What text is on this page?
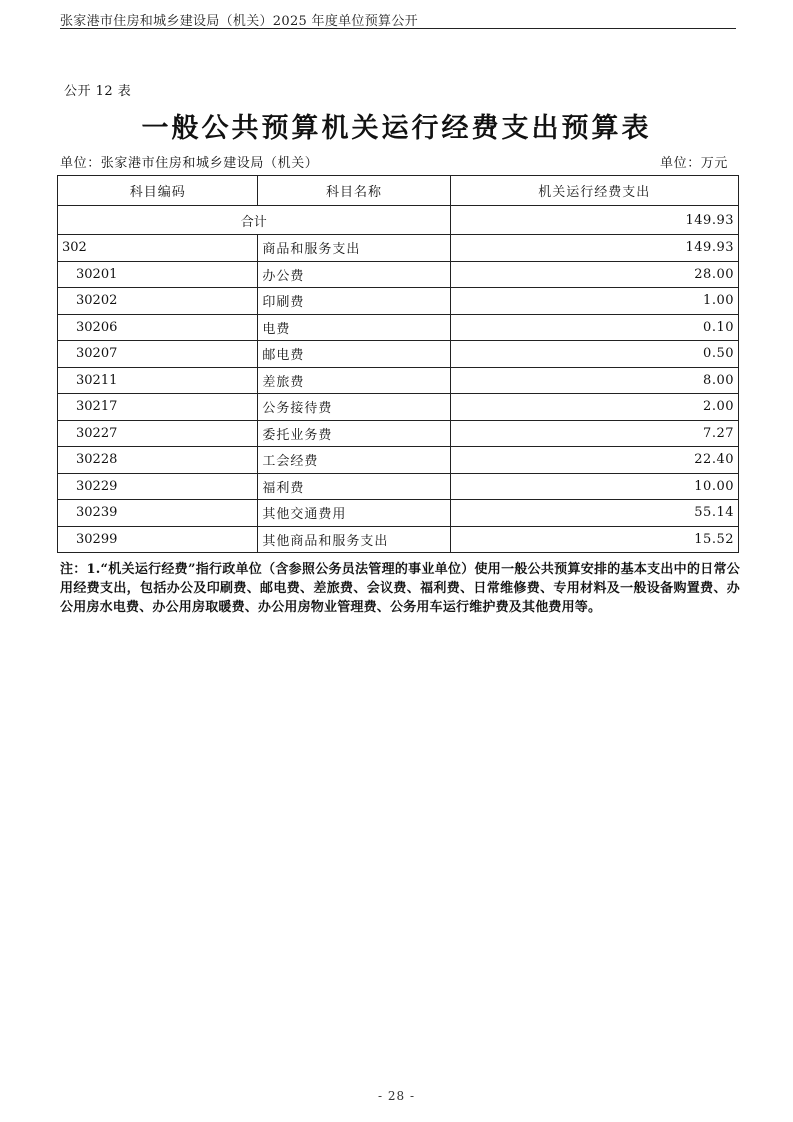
张家港市住房和城乡建设局（机关）2025 年度单位预算公开
公开 12 表
一般公共预算机关运行经费支出预算表
单位：张家港市住房和城乡建设局（机关）	单位：万元
科目编码	科目名称	机关运行经费支出
合计		149.93
302	商品和服务支出	149.93
30201	办公费	28.00
30202	印刷费	1.00
30206	电费	0.10
30207	邮电费	0.50
30211	差旅费	8.00
30217	公务接待费	2.00
30227	委托业务费	7.27
30228	工会经费	22.40
30229	福利费	10.00
30239	其他交通费用	55.14
30299	其他商品和服务支出	15.52
注：1.“机关运行经费”指行政单位（含参照公务员法管理的事业单位）使用一般公共预算安排的基本支出中的日常公用经费支出，包括办公及印刷费、邮电费、差旅费、会议费、福利费、日常维修费、专用材料及一般设备购置费、办公用房水电费、办公用房取暖费、办公用房物业管理费、公务用车运行维护费及其他费用等。
- 28 -
